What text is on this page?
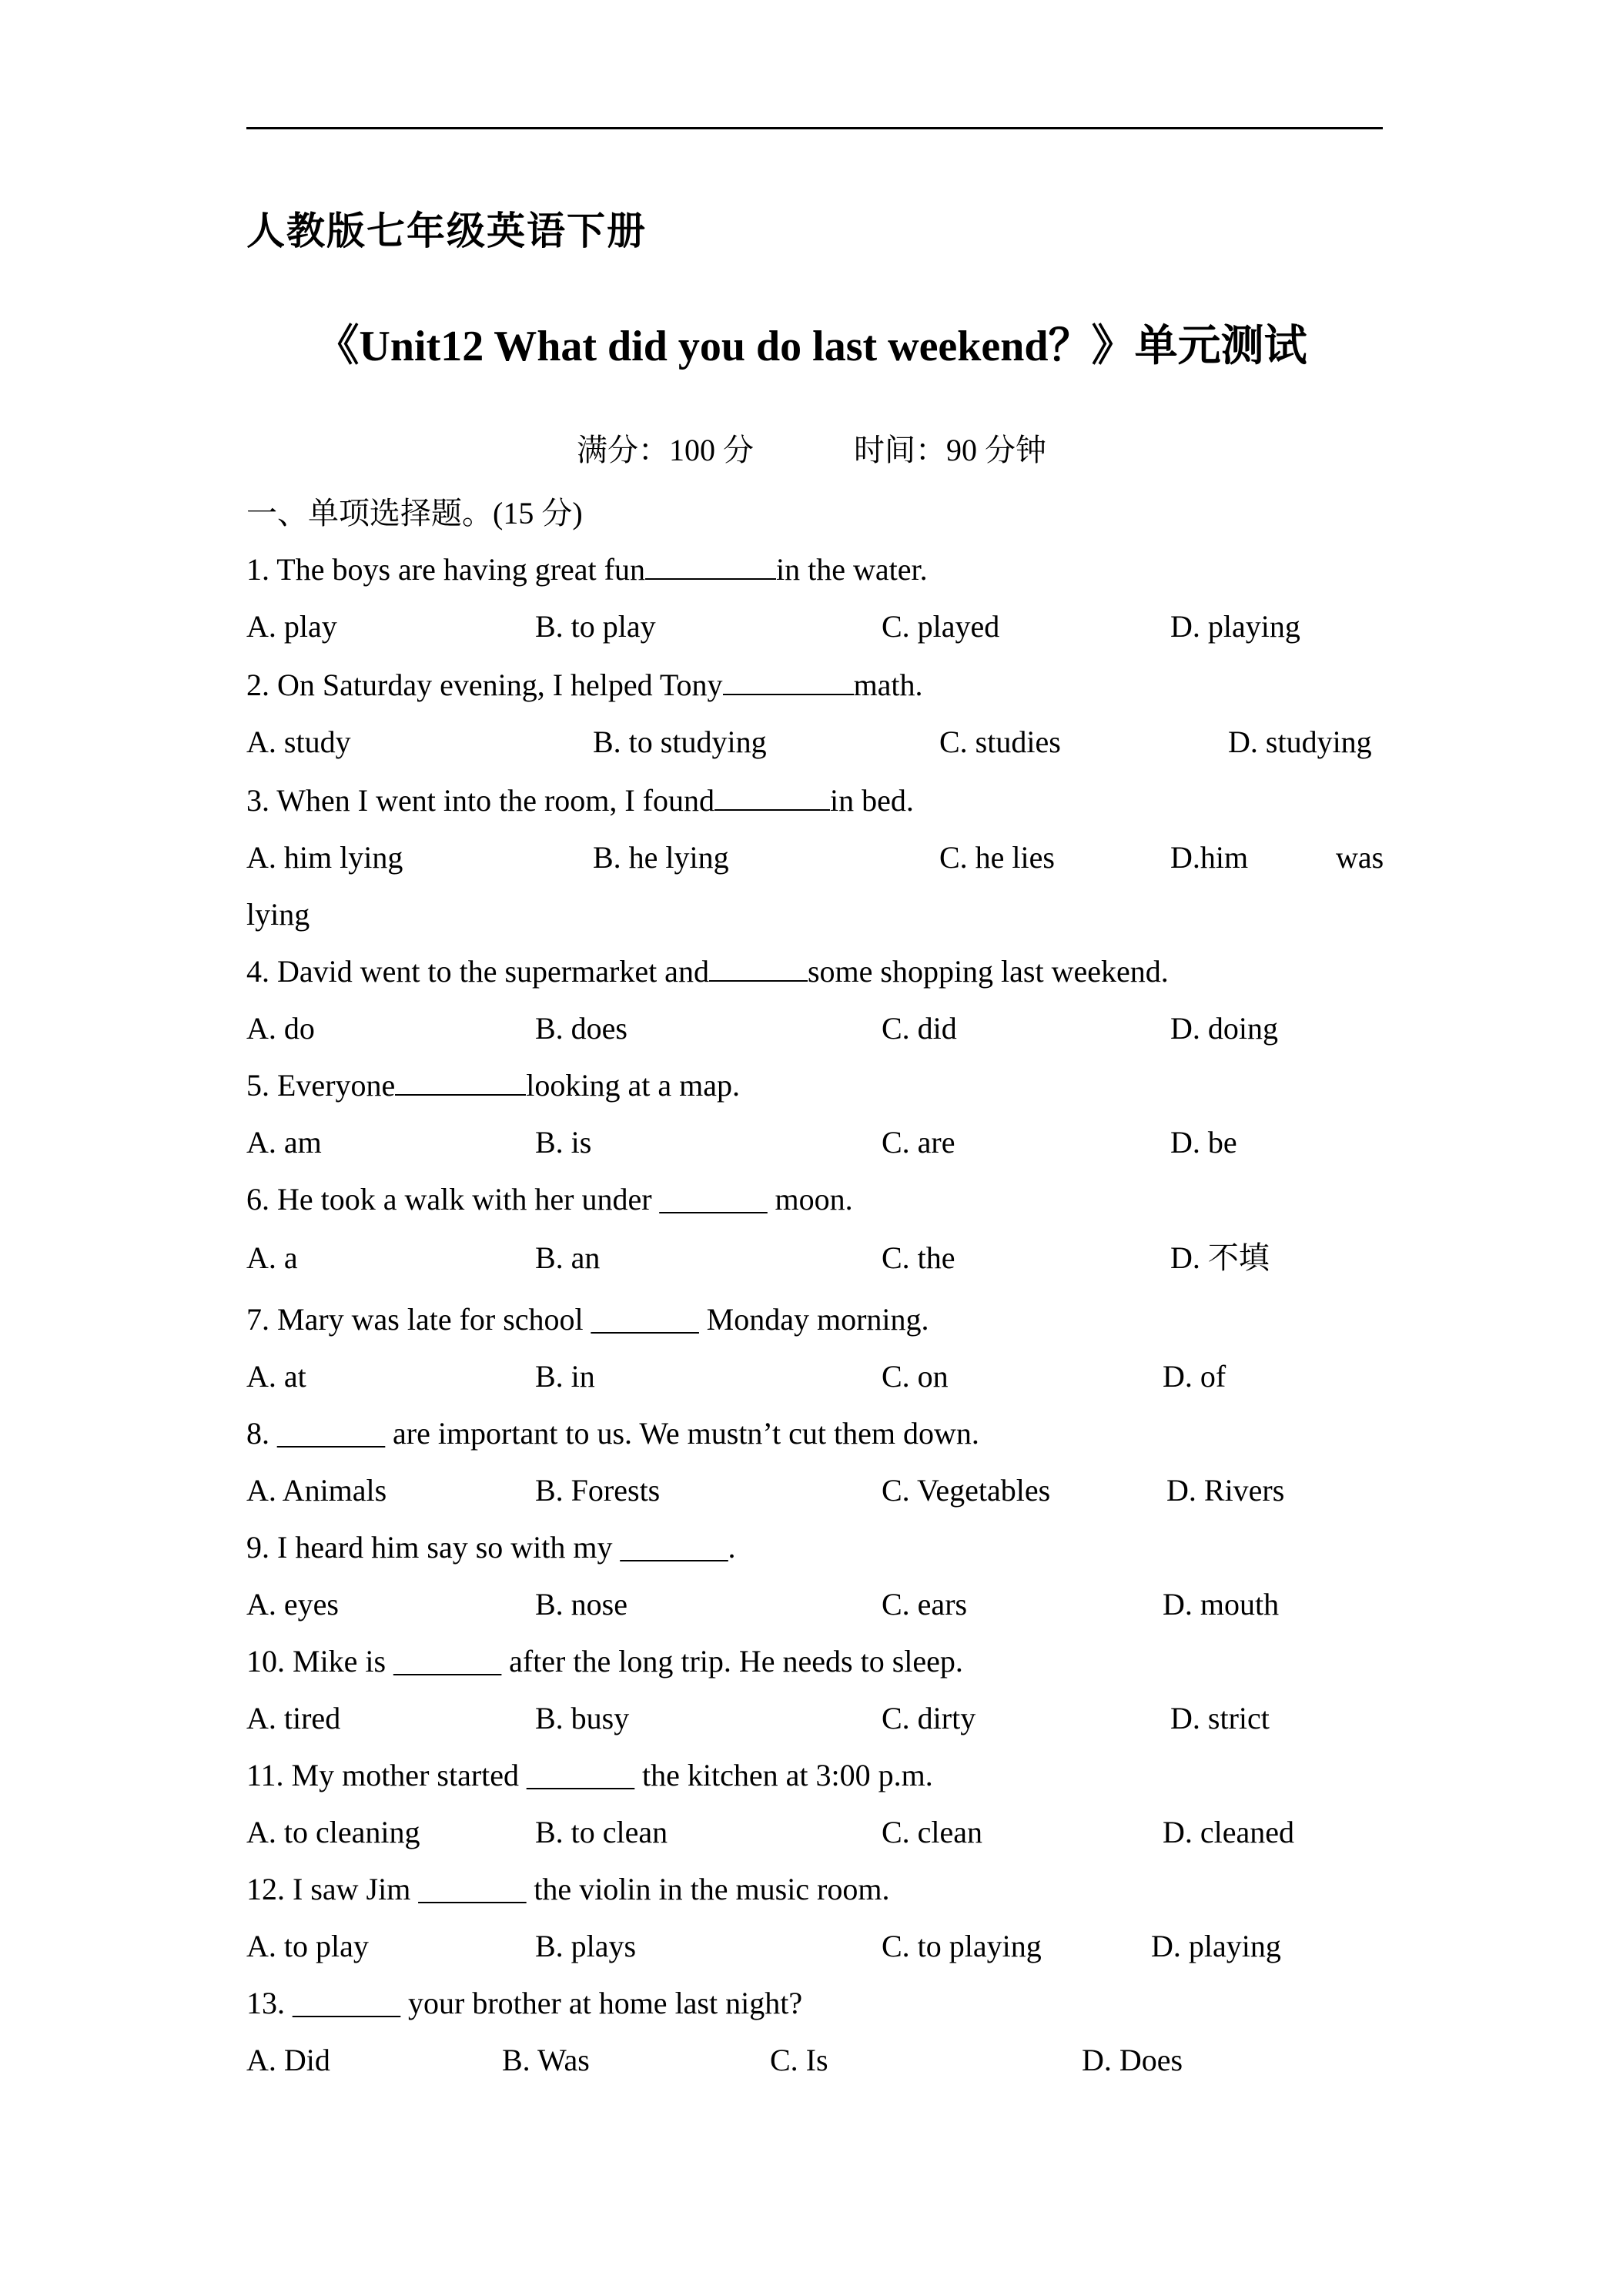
人教版七年级英语下册
《Unit12 What did you do last weekend？》单元测试
满分：100 分	时间：90 分钟
一、单项选择题。(15 分)
1. The boys are having great fun	in the water.
A. play	B. to play	C. played	D. playing
2. On Saturday evening, I helped Tony	math.
A. study	B. to studying	C. studies	D. studying
3. When I went into the room, I found	in bed.
A. him lying	B. he lying	C. he lies	D.him	was
lying
4. David went to the supermarket and	some shopping last weekend.
A. do	B. does	C. did	D. doing
5. Everyone	looking at a map.
A. am	B. is	C. are	D. be
6. He took a walk with her under _______ moon.
A. a	B. an	C. the	D. 不填
7. Mary was late for school _______ Monday morning.
A. at	B. in	C. on	D. of
8. _______ are important to us. We mustn’t cut them down.
A. Animals	B. Forests	C. Vegetables	D. Rivers
9. I heard him say so with my _______.
A. eyes	B. nose	C. ears	D. mouth
10. Mike is _______ after the long trip. He needs to sleep.
A. tired	B. busy	C. dirty	D. strict
11. My mother started _______ the kitchen at 3:00 p.m.
A. to cleaning	B. to clean	C. clean	D. cleaned
12. I saw Jim _______ the violin in the music room.
A. to play	B. plays	C. to playing	D. playing
13. _______ your brother at home last night?
A. Did	B. Was	C. Is	D. Does
